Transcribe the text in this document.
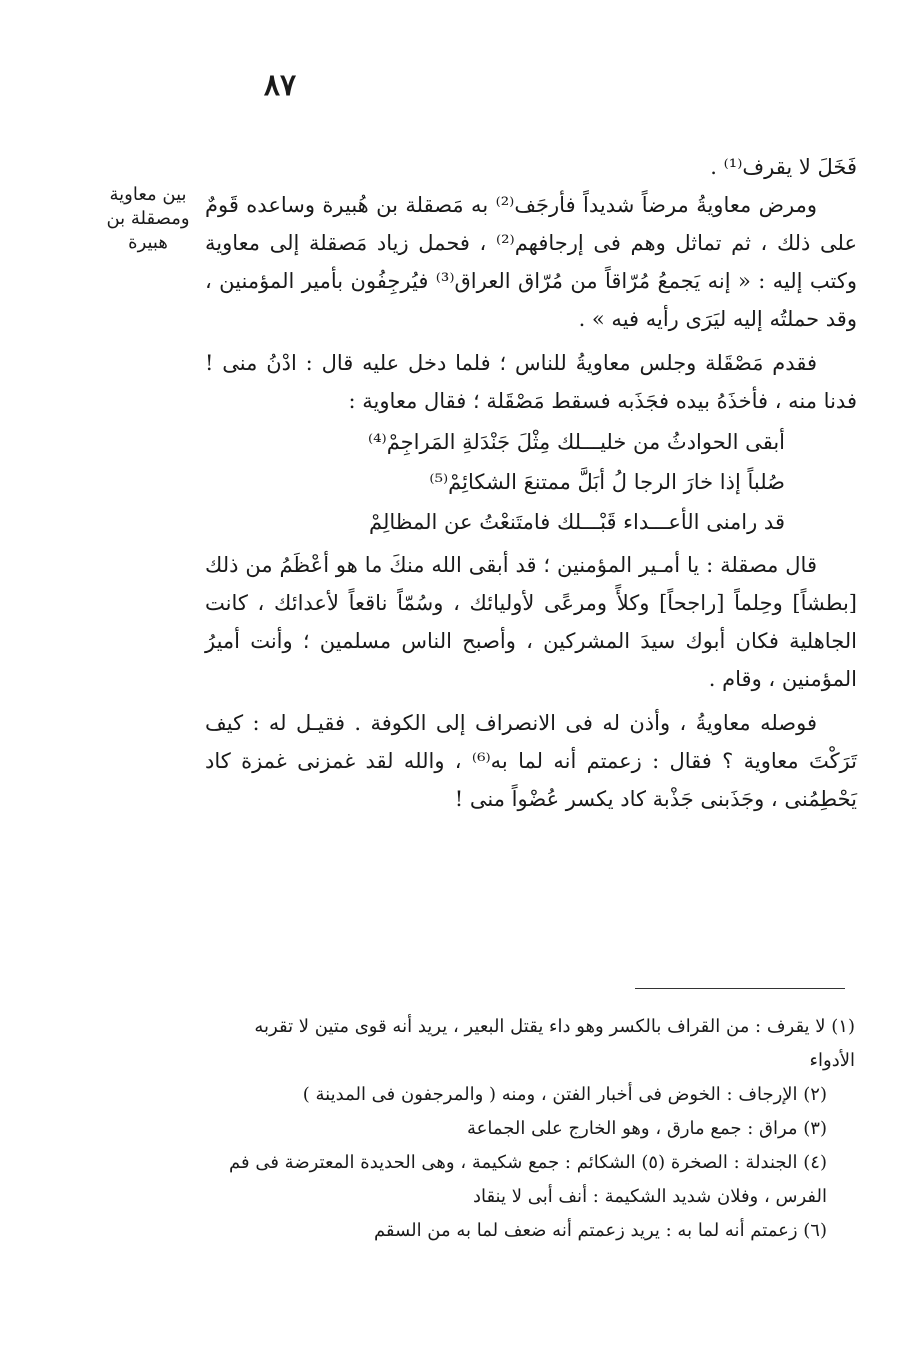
٨٧
بين معاوية
ومصقلة بن
هبيرة

فَخَلَ لا يقرف⁽¹⁾ .

ومرض معاويةُ مرضاً شديداً فأرجَف⁽²⁾ به مَصقلة بن هُبيرة وساعده قَومٌ على ذلك ، ثم تماثل وهم فى إرجافهم⁽²⁾ ، فحمل زياد مَصقلة إلى معاوية وكتب إليه : « إنه يَجمعُ مُرّاقاً من مُرّاق العراق⁽³⁾ فيُرجِفُون بأمير المؤمنين ، وقد حملتُه إليه ليَرَى رأيه فيه » .

فقدم مَصْقَلة وجلس معاويةُ للناس ؛ فلما دخل عليه قال : ادْنُ منى ! فدنا منه ، فأخذَهُ بيده فجَذَبه فسقط مَصْقَلة ؛ فقال معاوية :

أبقى الحوادثُ من خليـــلك مِثْلَ جَنْدَلةِ المَراجِمْ⁽⁴⁾
صُلباً إذا خارَ الرجا لُ أبَلَّ ممتنعَ الشكائِمْ⁽⁵⁾
قد رامنى الأعـــداء قَبْـــلك فامتَنعْتُ عن المظالِمْ

قال مصقلة : يا أمـير المؤمنين ؛ قد أبقى الله منكَ ما هو أعْظَمُ من ذلك [بطشاً] وحِلماً [راجحاً] وكلأً ومرعًى لأوليائك ، وسُمّاً ناقعاً لأعدائك ، كانت الجاهلية فكان أبوك سيدَ المشركين ، وأصبح الناس مسلمين ؛ وأنت أميرُ المؤمنين ، وقام .

فوصله معاويةُ ، وأذن له فى الانصراف إلى الكوفة . فقيـل له : كيف تَرَكْتَ معاوية ؟ فقال : زعمتم أنه لما به⁽⁶⁾ ، والله لقد غمزنى غمزة كاد يَحْطِمُنى ، وجَذَبنى جَذْبة كاد يكسر عُضْواً منى !

(١) لا يقرف : من القراف بالكسر وهو داء يقتل البعير ، يريد أنه قوى متين لا تقربه الأدواء

(٢) الإرجاف : الخوض فى أخبار الفتن ، ومنه ( والمرجفون فى المدينة )

(٣) مراق : جمع مارق ، وهو الخارج على الجماعة

(٤) الجندلة : الصخرة (٥) الشكائم : جمع شكيمة ، وهى الحديدة المعترضة فى فم الفرس ، وفلان شديد الشكيمة : أنف أبى لا ينقاد

(٦) زعمتم أنه لما به : يريد زعمتم أنه ضعف لما به من السقم
